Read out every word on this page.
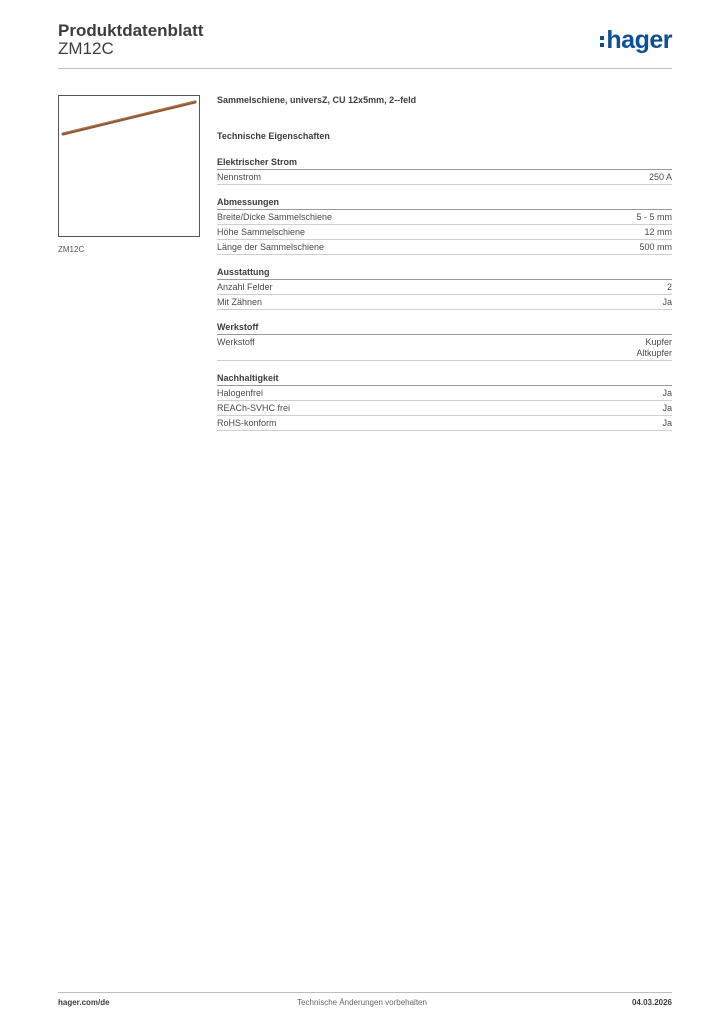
Produktdatenblatt
ZM12C	hager
ZM12C
Sammelschiene, universZ, CU 12x5mm, 2--feld
Technische Eigenschaften
Elektrischer Strom
Nennstrom	250 A
Abmessungen
Breite/Dicke Sammelschiene	5 - 5 mm
Höhe Sammelschiene	12 mm
Länge der Sammelschiene	500 mm
Ausstattung
Anzahl Felder	2
Mit Zähnen	Ja
Werkstoff
Werkstoff	Kupfer
Altkupfer
Nachhaltigkeit
Halogenfrei	Ja
REACh-SVHC frei	Ja
RoHS-konform	Ja
hager.com/de	Technische Änderungen vorbehalten	04.03.2026
